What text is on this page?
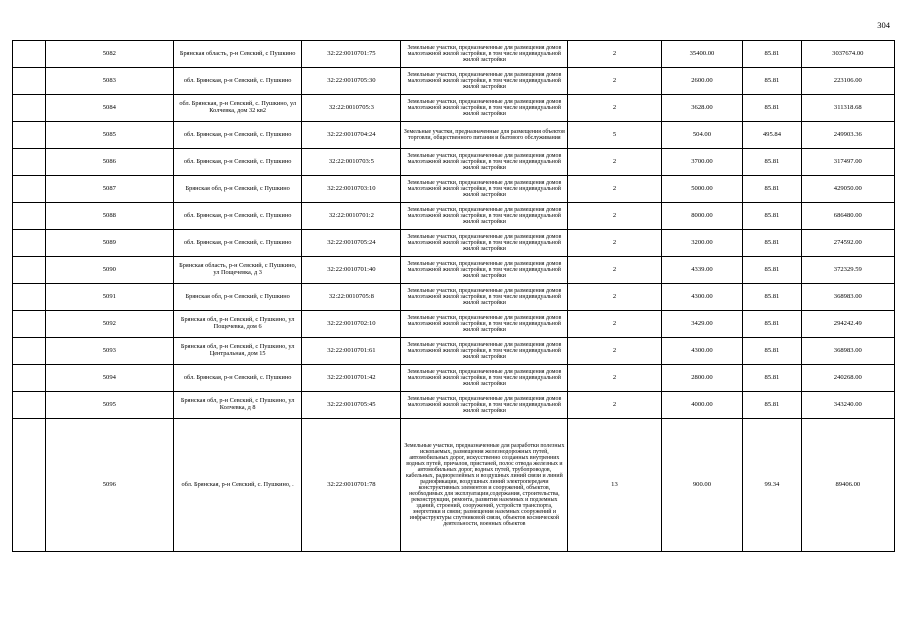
304
	5082	Брянская область, р-н Севский, с Пушкино	32:22:0010701:75	Земельные участки, предназначенные для размещения домов малоэтажной жилой застройки, в том числе индивидуальной жилой застройки	2	35400.00	85.81	3037674.00
	5083	обл. Брянская, р-н Севский, с. Пушкино	32:22:0010705:30	Земельные участки, предназначенные для размещения домов малоэтажной жилой застройки, в том числе индивидуальной жилой застройки	2	2600.00	85.81	223106.00
	5084	обл. Брянская, р-н Севский, с. Пушкино, ул Колчевка, дом 32 кв2	32:22:0010705:3	Земельные участки, предназначенные для размещения домов малоэтажной жилой застройки, в том числе индивидуальной жилой застройки	2	3628.00	85.81	311318.68
	5085	обл. Брянская, р-н Севский, с. Пушкино	32:22:0010704:24	Земельные участки, предназначенные для размещения объектов торговли, общественного питания и бытового обслуживания	5	504.00	495.84	249903.36
	5086	обл. Брянская, р-н Севский, с. Пушкино	32:22:0010703:5	Земельные участки, предназначенные для размещения домов малоэтажной жилой застройки, в том числе индивидуальной жилой застройки	2	3700.00	85.81	317497.00
	5087	Брянская обл, р-н Севский, с Пушкино	32:22:0010703:10	Земельные участки, предназначенные для размещения домов малоэтажной жилой застройки, в том числе индивидуальной жилой застройки	2	5000.00	85.81	429050.00
	5088	обл. Брянская, р-н Севский, с. Пушкино	32:22:0010701:2	Земельные участки, предназначенные для размещения домов малоэтажной жилой застройки, в том числе индивидуальной жилой застройки	2	8000.00	85.81	686480.00
	5089	обл. Брянская, р-н Севский, с. Пушкино	32:22:0010705:24	Земельные участки, предназначенные для размещения домов малоэтажной жилой застройки, в том числе индивидуальной жилой застройки	2	3200.00	85.81	274592.00
	5090	Брянская область, р-н Севский, с Пушкино, ул Пощечевка, д 3	32:22:0010701:40	Земельные участки, предназначенные для размещения домов малоэтажной жилой застройки, в том числе индивидуальной жилой застройки	2	4339.00	85.81	372329.59
	5091	Брянская обл, р-н Севский, с Пушкино	32:22:0010705:8	Земельные участки, предназначенные для размещения домов малоэтажной жилой застройки, в том числе индивидуальной жилой застройки	2	4300.00	85.81	368983.00
	5092	Брянская обл, р-н Севский, с Пушкино, ул Пощечевка, дом 6	32:22:0010702:10	Земельные участки, предназначенные для размещения домов малоэтажной жилой застройки, в том числе индивидуальной жилой застройки	2	3429.00	85.81	294242.49
	5093	Брянская обл, р-н Севский, с Пушкино, ул Центральная, дом 15	32:22:0010701:61	Земельные участки, предназначенные для размещения домов малоэтажной жилой застройки, в том числе индивидуальной жилой застройки	2	4300.00	85.81	368983.00
	5094	обл. Брянская, р-н Севский, с. Пушкино	32:22:0010701:42	Земельные участки, предназначенные для размещения домов малоэтажной жилой застройки, в том числе индивидуальной жилой застройки	2	2800.00	85.81	240268.00
	5095	Брянская обл, р-н Севский, с Пушкино, ул Колчевка, д 8	32:22:0010705:45	Земельные участки, предназначенные для размещения домов малоэтажной жилой застройки, в том числе индивидуальной жилой застройки	2	4000.00	85.81	343240.00
	5096	обл. Брянская, р-н Севский, с. Пушкино, .	32:22:0010701:78	Земельные участки, предназначенные для разработки полезных ископаемых, размещения железнодорожных путей, автомобильных дорог, искусственно созданных внутренних водных путей, причалов, пристаней, полос отвода железных и автомобильных дорог, водных путей, трубопроводов, кабельных, радиорелейных и воздушных линий связи и линий радиофикации, воздушных линий электропередачи конструктивных элементов и сооружений, объектов, необходимых для эксплуатации,содержания, строительства, реконструкции, ремонта, развития наземных и подземных зданий, строений, сооружений, устройств транспорта, энергетики и связи; размещения наземных сооружений и инфраструктуры спутниковой связи, объектов космической деятельности, военных объектов	13	900.00	99.34	89406.00
